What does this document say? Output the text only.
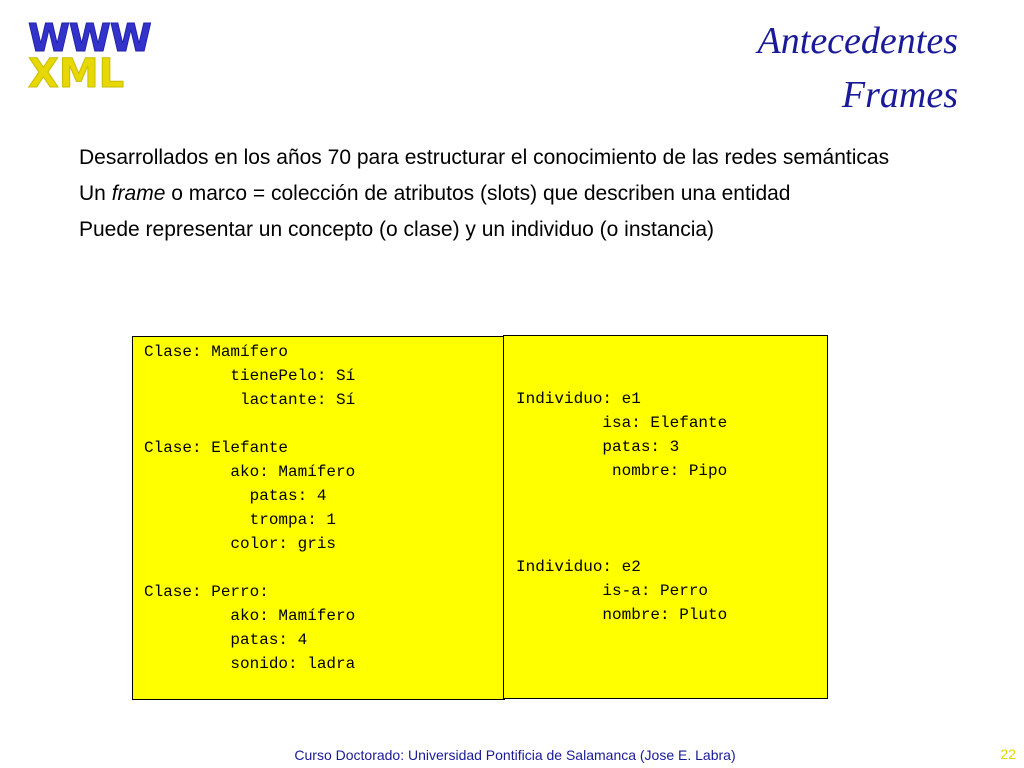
WWW
XML
Antecedentes
Frames
Desarrollados en los años 70 para estructurar el conocimiento de las redes semánticas
Un frame o marco = colección de atributos (slots) que describen una entidad
Puede representar un concepto (o clase) y un individuo (o instancia)
Clase: Mamífero
tienePelo: Sí
lactante: Sí
Clase: Elefante
ako: Mamífero
patas: 4
trompa: 1
color: gris
Clase: Perro:
ako: Mamífero
patas: 4
sonido: ladra
Individuo: e1
isa: Elefante
patas: 3
nombre: Pipo
Individuo: e2
is-a: Perro
nombre: Pluto
Curso Doctorado: Universidad Pontificia de Salamanca (Jose E. Labra)	22
